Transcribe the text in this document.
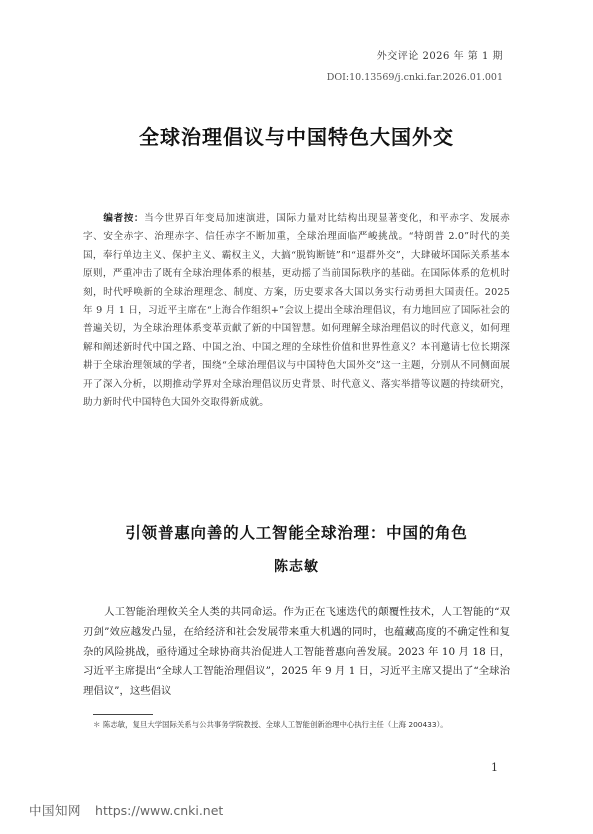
外交评论 2026 年 第 1 期
DOI:10.13569/j.cnki.far.2026.01.001
全球治理倡议与中国特色大国外交
编者按：当今世界百年变局加速演进，国际力量对比结构出现显著变化，和平赤字、发展赤字、安全赤字、治理赤字、信任赤字不断加重，全球治理面临严峻挑战。“特朗普 2.0”时代的美国，奉行单边主义、保护主义、霸权主义，大搞“脱钩断链”和“退群外交”，大肆破坏国际关系基本原则，严重冲击了既有全球治理体系的根基，更动摇了当前国际秩序的基础。在国际体系的危机时刻，时代呼唤新的全球治理理念、制度、方案，历史要求各大国以务实行动勇担大国责任。2025 年 9 月 1 日，习近平主席在“上海合作组织+”会议上提出全球治理倡议，有力地回应了国际社会的普遍关切，为全球治理体系变革贡献了新的中国智慧。如何理解全球治理倡议的时代意义，如何理解和阐述新时代中国之路、中国之治、中国之理的全球性价值和世界性意义？本刊邀请七位长期深耕于全球治理领域的学者，围绕“全球治理倡议与中国特色大国外交”这一主题，分别从不同侧面展开了深入分析，以期推动学界对全球治理倡议历史背景、时代意义、落实举措等议题的持续研究，助力新时代中国特色大国外交取得新成就。
引领普惠向善的人工智能全球治理：中国的角色
陈志敏
人工智能治理攸关全人类的共同命运。作为正在飞速迭代的颠覆性技术，人工智能的“双刃剑”效应越发凸显，在给经济和社会发展带来重大机遇的同时，也蕴藏高度的不确定性和复杂的风险挑战，亟待通过全球协商共治促进人工智能普惠向善发展。2023 年 10 月 18 日，习近平主席提出“全球人工智能治理倡议”，2025 年 9 月 1 日，习近平主席又提出了“全球治理倡议”，这些倡议
＊ 陈志敏，复旦大学国际关系与公共事务学院教授、全球人工智能创新治理中心执行主任（上海 200433）。
1
中国知网 https://www.cnki.net
